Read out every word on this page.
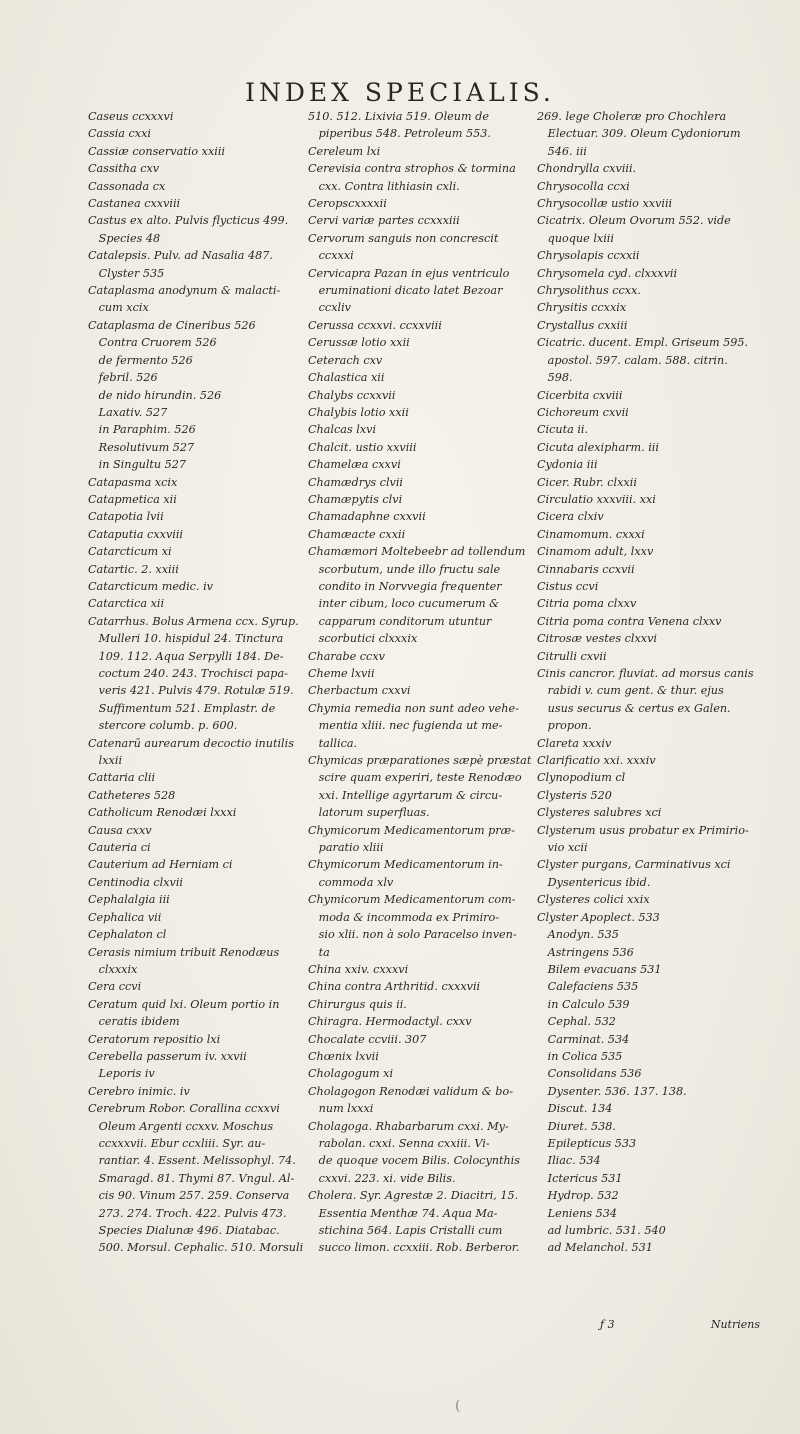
INDEX SPECIALIS.
Caseus ccxxxvi
Cassia cxxi
Cassiæ conservatio xxiii
Cassitha cxv
Cassonada cx
Castanea cxxviii
Castus ex alto. Pulvis flycticus 499.
Species 48
Catalepsis. Pulv. ad Nasalia 487.
Clyster 535
Cataplasma anodynum & malacti-
cum xcix
Cataplasma de Cineribus 526
Contra Cruorem 526
de fermento 526
febril. 526
de nido hirundin. 526
Laxativ. 527
in Paraphim. 526
Resolutivum 527
in Singultu 527
Catapasma xcix
Catapmetica xii
Catapotia lvii
Cataputia cxxviii
Catarcticum xi
Catartic. 2. xxiii
Catarcticum medic. iv
Catarctica xii
Catarrhus. Bolus Armena ccx. Syrup.
Mulleri 10. hispidul 24. Tinctura
109. 112. Aqua Serpylli 184. De-
coctum 240. 243. Trochisci papa-
veris 421. Pulvis 479. Rotulæ 519.
Suffimentum 521. Emplastr. de
stercore columb. p. 600.
Catenarū aurearum decoctio inutilis
lxxii
Cattaria clii
Catheteres 528
Catholicum Renodæi lxxxi
Causa cxxv
Cauteria ci
Cauterium ad Herniam ci
Centinodia clxvii
Cephalalgia iii
Cephalica vii
Cephalaton cl
Cerasis nimium tribuit Renodæus
clxxxix
Cera ccvi
Ceratum quid lxi. Oleum portio in
ceratis ibidem
Ceratorum repositio lxi
Cerebella passerum iv. xxvii
Leporis iv
Cerebro inimic. iv
Cerebrum Robor. Corallina ccxxvi
Oleum Argenti ccxxv. Moschus
ccxxxvii. Ebur ccxliii. Syr. au-
rantiar. 4. Essent. Melissophyl. 74.
Smaragd. 81. Thymi 87. Vngul. Al-
cis 90. Vinum 257. 259. Conserva
273. 274. Troch. 422. Pulvis 473.
Species Dialunæ 496. Diatabac.
500. Morsul. Cephalic. 510. Morsuli
510. 512. Lixivia 519. Oleum de
piperibus 548. Petroleum 553.
Cereleum lxi
Cerevisia contra strophos & tormina
cxx. Contra lithiasin cxli.
Ceropscxxxxii
Cervi variæ partes ccxxxiii
Cervorum sanguis non concrescit
ccxxxi
Cervicapra Pazan in ejus ventriculo
eruminationi dicato latet Bezoar
ccxliv
Cerussa ccxxvi. ccxxviii
Cerussæ lotio xxii
Ceterach cxv
Chalastica xii
Chalybs ccxxvii
Chalybis lotio xxii
Chalcas lxvi
Chalcit. ustio xxviii
Chamelæa cxxvi
Chamædrys clvii
Chamæpytis clvi
Chamadaphne cxxvii
Chamæacte cxxii
Chamæmori Moltebeebr ad tollendum
scorbutum, unde illo fructu sale
condito in Norvvegia frequenter
inter cibum, loco cucumerum &
capparum conditorum utuntur
scorbutici clxxxix
Charabe ccxv
Cheme lxvii
Cherbactum cxxvi
Chymia remedia non sunt adeo vehe-
mentia xliii. nec fugienda ut me-
tallica.
Chymicas præparationes sæpè præstat
scire quam experiri, teste Renodæo
xxi. Intellige agyrtarum & circu-
latorum superfluas.
Chymicorum Medicamentorum præ-
paratio xliii
Chymicorum Medicamentorum in-
commoda xlv
Chymicorum Medicamentorum com-
moda & incommoda ex Primiro-
sio xlii. non à solo Paracelso inven-
ta
China xxiv. cxxxvi
China contra Arthritid. cxxxvii
Chirurgus quis ii.
Chiragra. Hermodactyl. cxxv
Chocalate ccviii. 307
Chœnix lxvii
Cholagogum xi
Cholagogon Renodæi validum & bo-
num lxxxi
Cholagoga. Rhabarbarum cxxi. My-
rabolan. cxxi. Senna cxxiii. Vi-
de quoque vocem Bilis. Colocynthis
cxxvi. 223. xi. vide Bilis.
Cholera. Syr. Agrestæ 2. Diacitri, 15.
Essentia Menthæ 74. Aqua Ma-
stichina 564. Lapis Cristalli cum
succo limon. ccxxiii. Rob. Berberor.
269. lege Choleræ pro Chochlera
Electuar. 309. Oleum Cydoniorum
546. iii
Chondrylla cxviii.
Chrysocolla ccxi
Chrysocollæ ustio xxviii
Cicatrix. Oleum Ovorum 552. vide
quoque lxiii
Chrysolapis ccxxii
Chrysomela cyd. clxxxvii
Chrysolithus ccxx.
Chrysitis ccxxix
Crystallus cxxiii
Cicatric. ducent. Empl. Griseum 595.
apostol. 597. calam. 588. citrin.
598.
Cicerbita cxviii
Cichoreum cxvii
Cicuta ii.
Cicuta alexipharm. iii
Cydonia iii
Cicer. Rubr. clxxii
Circulatio xxxviii. xxi
Cicera clxiv
Cinamomum. cxxxi
Cinamom adult, lxxv
Cinnabaris ccxvii
Cistus ccvi
Citria poma clxxv
Citria poma contra Venena clxxv
Citrosæ vestes clxxvi
Citrulli cxvii
Cinis cancror. fluviat. ad morsus canis
rabidi v. cum gent. & thur. ejus
usus securus & certus ex Galen.
propon.
Clareta xxxiv
Clarificatio xxi. xxxiv
Clynopodium cl
Clysteris 520
Clysteres salubres xci
Clysterum usus probatur ex Primirio-
vio xcii
Clyster purgans, Carminativus xci
Dysentericus ibid.
Clysteres colici xxix
Clyster Apoplect. 533
Anodyn. 535
Astringens 536
Bilem evacuans 531
Calefaciens 535
in Calculo 539
Cephal. 532
Carminat. 534
in Colica 535
Consolidans 536
Dysenter. 536. 137. 138.
Discut. 134
Diuret. 538.
Epilepticus 533
Iliac. 534
Ictericus 531
Hydrop. 532
Leniens 534
ad lumbric. 531. 540
ad Melanchol. 531
ƒ 3	Nutriens
(
